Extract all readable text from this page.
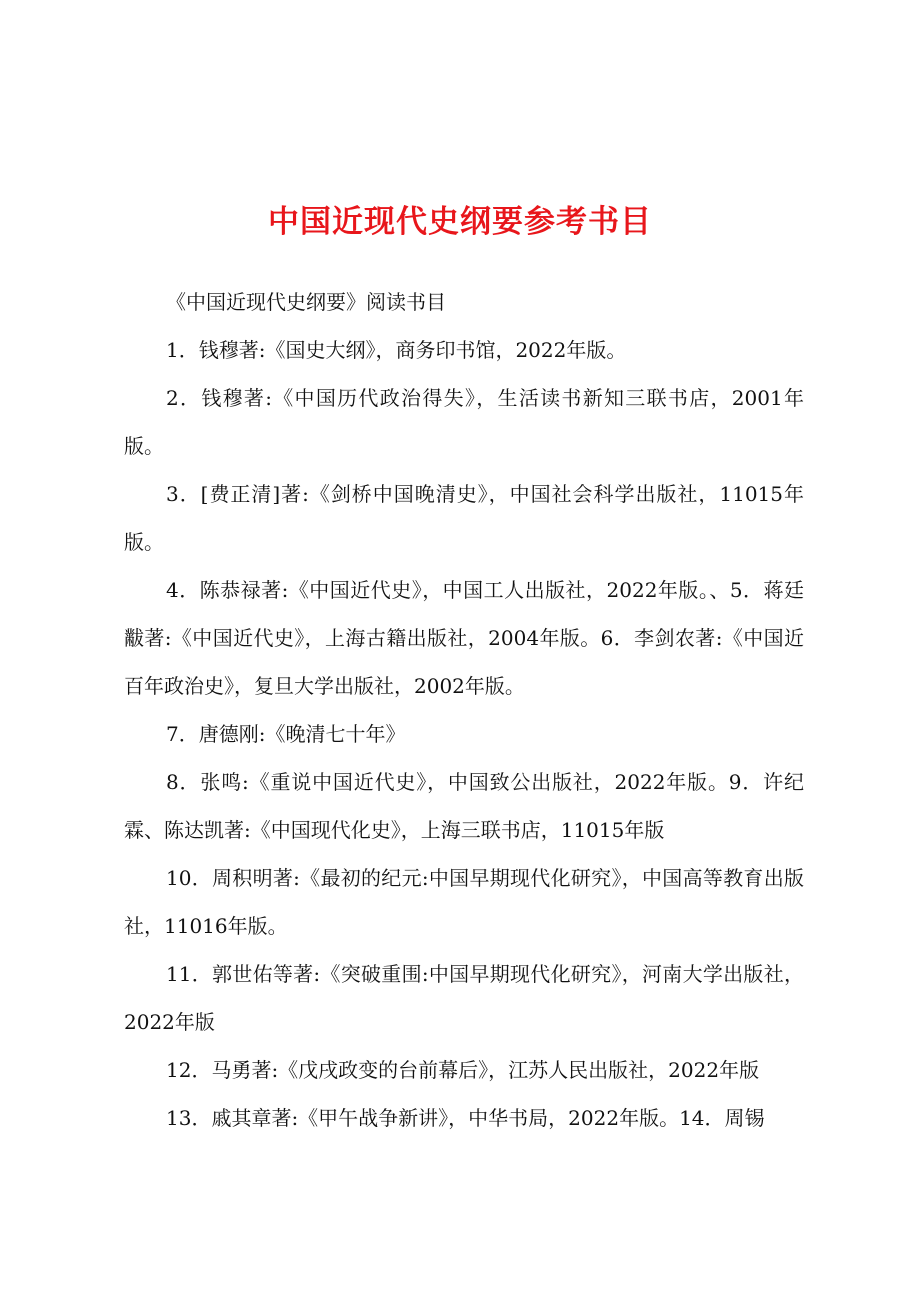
中国近现代史纲要参考书目

《中国近现代史纲要》阅读书目

1．钱穆著:《国史大纲》，商务印书馆，2022年版。

2．钱穆著:《中国历代政治得失》，生活读书新知三联书店，2001年版。

3．[费正清]著:《剑桥中国晚清史》，中国社会科学出版社，11015年版。

4．陈恭禄著:《中国近代史》，中国工人出版社，2022年版。、5．蒋廷黻著:《中国近代史》，上海古籍出版社，2004年版。6．李剑农著:《中国近百年政治史》，复旦大学出版社，2002年版。

7．唐德刚:《晚清七十年》

8．张鸣:《重说中国近代史》，中国致公出版社，2022年版。9．许纪霖、陈达凯著:《中国现代化史》，上海三联书店，11015年版

10．周积明著:《最初的纪元:中国早期现代化研究》，中国高等教育出版社，11016年版。

11．郭世佑等著:《突破重围:中国早期现代化研究》，河南大学出版社，2022年版

12．马勇著:《戊戌政变的台前幕后》，江苏人民出版社，2022年版

13．戚其章著:《甲午战争新讲》，中华书局，2022年版。14．周锡
